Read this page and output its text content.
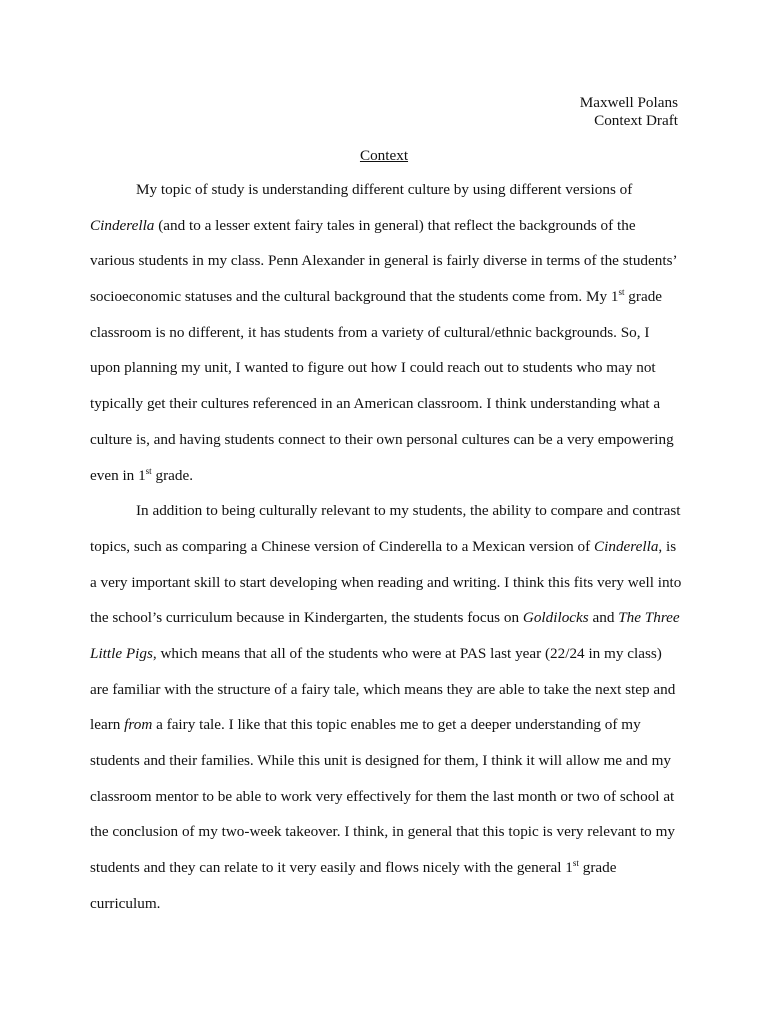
Maxwell Polans
Context Draft
Context
My topic of study is understanding different culture by using different versions of
Cinderella (and to a lesser extent fairy tales in general) that reflect the backgrounds of the
various students in my class. Penn Alexander in general is fairly diverse in terms of the students’
socioeconomic statuses and the cultural background that the students come from. My 1st grade
classroom is no different, it has students from a variety of cultural/ethnic backgrounds. So, I
upon planning my unit, I wanted to figure out how I could reach out to students who may not
typically get their cultures referenced in an American classroom. I think understanding what a
culture is, and having students connect to their own personal cultures can be a very empowering
even in 1st grade.
In addition to being culturally relevant to my students, the ability to compare and contrast
topics, such as comparing a Chinese version of Cinderella to a Mexican version of Cinderella, is
a very important skill to start developing when reading and writing. I think this fits very well into
the school’s curriculum because in Kindergarten, the students focus on Goldilocks and The Three
Little Pigs, which means that all of the students who were at PAS last year (22/24 in my class)
are familiar with the structure of a fairy tale, which means they are able to take the next step and
learn from a fairy tale. I like that this topic enables me to get a deeper understanding of my
students and their families. While this unit is designed for them, I think it will allow me and my
classroom mentor to be able to work very effectively for them the last month or two of school at
the conclusion of my two-week takeover. I think, in general that this topic is very relevant to my
students and they can relate to it very easily and flows nicely with the general 1st grade
curriculum.
